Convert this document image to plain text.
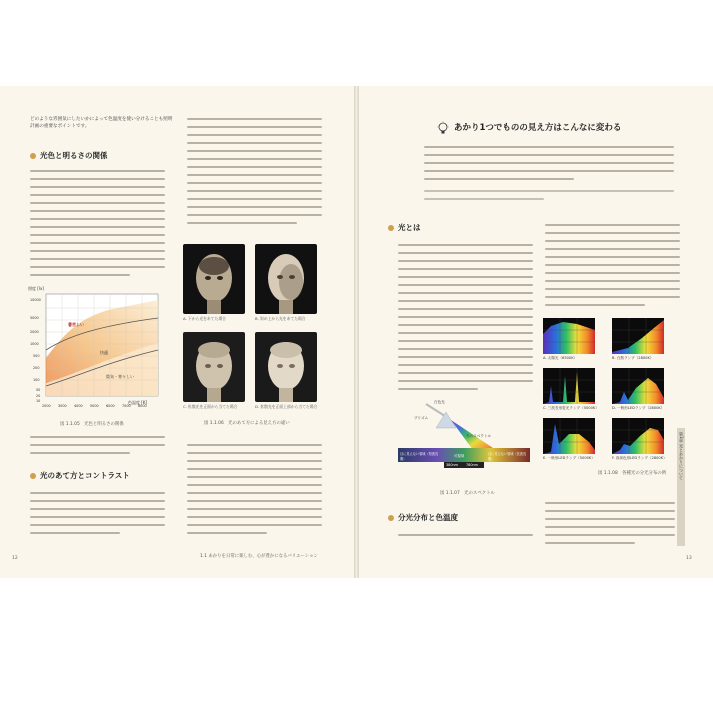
どのような雰囲気にしたいかによって色温度を使い分けることも照明計画の重要なポイントです。
光色と明るさの関係
照度 [lx]
色温度 [K]
暑苦しい
快適
陰気・寒々しい
10000
5000
2000
1000
500
200
100
50
20
10
2000 3000 4000 5000 6000 7000 8000
図 1.1.05　光色と明るさの関係
光のあて方とコントラスト
A. 下から光をあてた場合	B. 斜め上から光をあてた場合
C. 拡散光を正面から当てた場合	D. 拡散光を正面上部から当てた場合
図 1.1.06　光のあて方による見え方の違い
12	1.1 あかりを日常に楽しむ、心が豊かになるバリエーション
あかり1つでものの見え方はこんなに変わる
光とは
白色光
プリズム
光のスペクトル
目に見えない領域（短波長側）
可視域	目に見えない領域（長波長側）
380nm 780nm
図 1.1.07　光のスペクトル
分光分布と色温度
A. 太陽光（6500K）	B. 白熱ランプ（2800K）
C. 三波長形蛍光ランプ（5000K）	D. 一般形LEDランプ（2800K）
E. 一般形LEDランプ（5000K）	F. 高演色形LEDランプ（2800K）
図 1.1.08　各種光の分光分布の例	第1章 光とあかりについて
13
